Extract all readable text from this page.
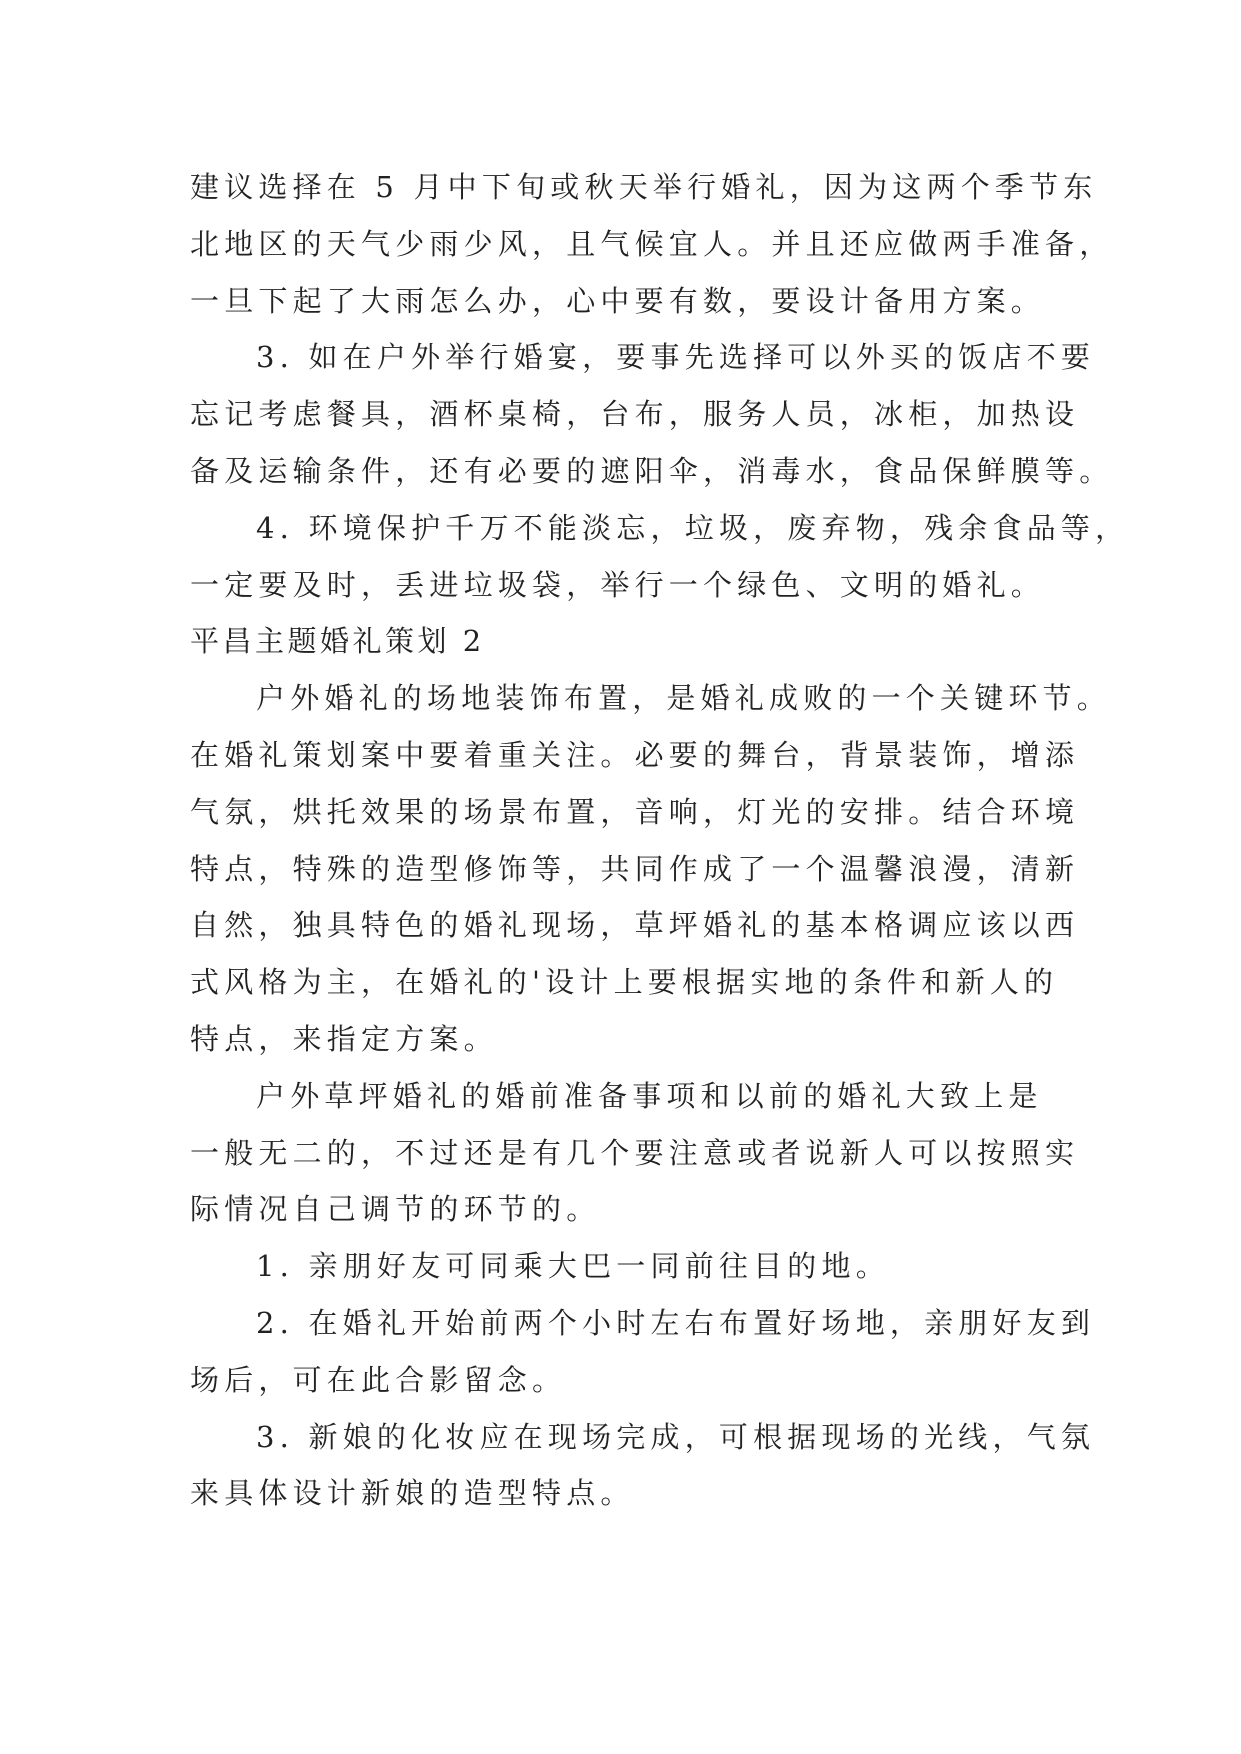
建议选择在 5 月中下旬或秋天举行婚礼，因为这两个季节东

北地区的天气少雨少风，且气候宜人。并且还应做两手准备，

一旦下起了大雨怎么办，心中要有数，要设计备用方案。

3. 如在户外举行婚宴，要事先选择可以外买的饭店不要

忘记考虑餐具，酒杯桌椅，台布，服务人员，冰柜，加热设

备及运输条件，还有必要的遮阳伞，消毒水，食品保鲜膜等。

4. 环境保护千万不能淡忘，垃圾，废弃物，残余食品等，

一定要及时，丢进垃圾袋，举行一个绿色、文明的婚礼。

平昌主题婚礼策划 2

户外婚礼的场地装饰布置，是婚礼成败的一个关键环节。

在婚礼策划案中要着重关注。必要的舞台，背景装饰，增添

气氛，烘托效果的场景布置，音响，灯光的安排。结合环境

特点，特殊的造型修饰等，共同作成了一个温馨浪漫，清新

自然，独具特色的婚礼现场，草坪婚礼的基本格调应该以西

式风格为主，在婚礼的'设计上要根据实地的条件和新人的

特点，来指定方案。

户外草坪婚礼的婚前准备事项和以前的婚礼大致上是

一般无二的，不过还是有几个要注意或者说新人可以按照实

际情况自己调节的环节的。

1. 亲朋好友可同乘大巴一同前往目的地。

2. 在婚礼开始前两个小时左右布置好场地，亲朋好友到

场后，可在此合影留念。

3. 新娘的化妆应在现场完成，可根据现场的光线，气氛

来具体设计新娘的造型特点。
